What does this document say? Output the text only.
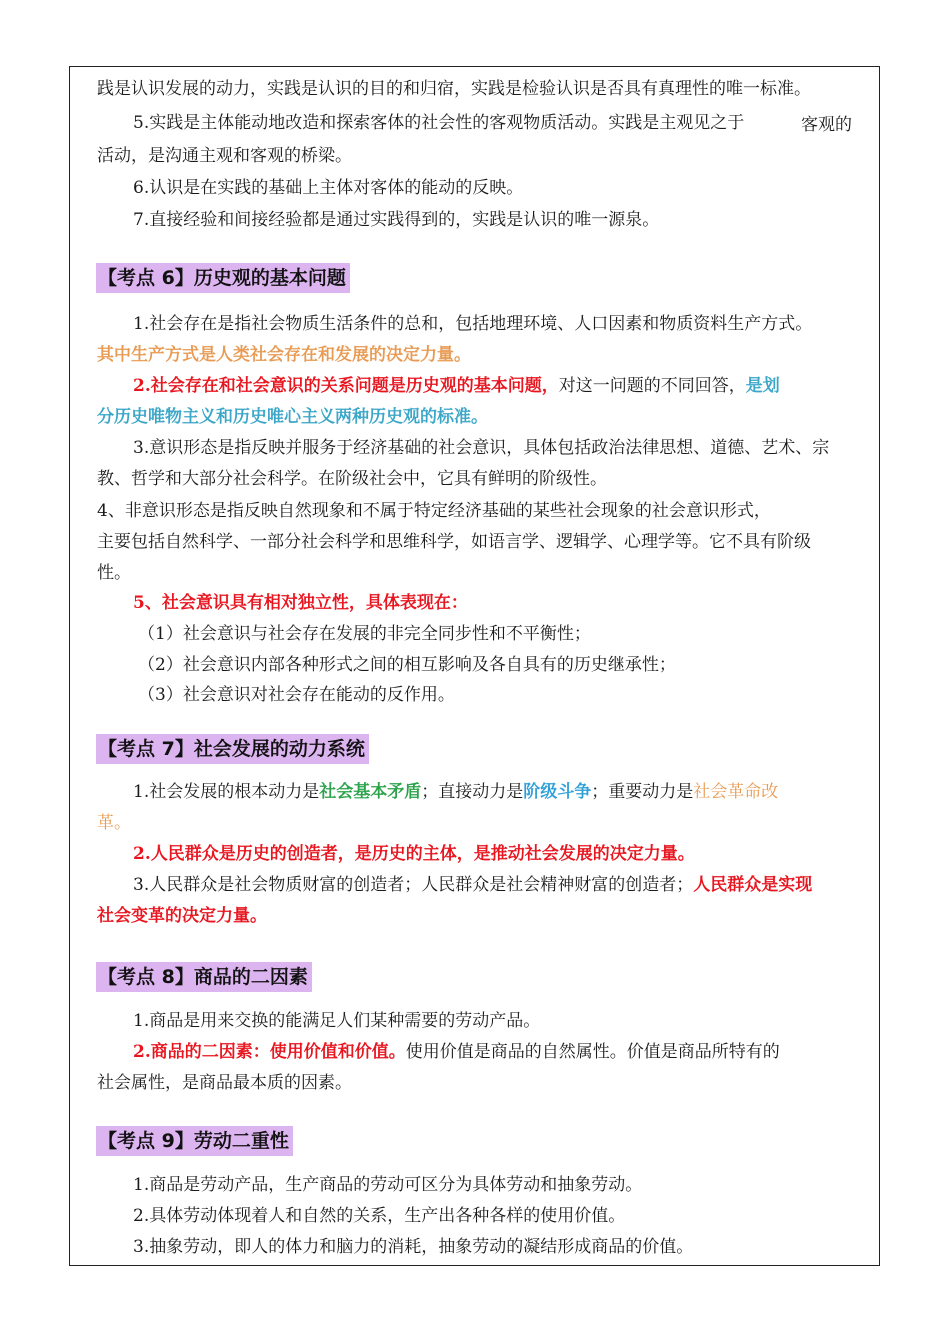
践是认识发展的动力，实践是认识的目的和归宿，实践是检验认识是否具有真理性的唯一标准。
5.实践是主体能动地改造和探索客体的社会性的客观物质活动。实践是主观见之于	客观的
活动，是沟通主观和客观的桥梁。
6.认识是在实践的基础上主体对客体的能动的反映。
7.直接经验和间接经验都是通过实践得到的，实践是认识的唯一源泉。
【考点 6】历史观的基本问题
1.社会存在是指社会物质生活条件的总和，包括地理环境、人口因素和物质资料生产方式。
其中生产方式是人类社会存在和发展的决定力量。
2.社会存在和社会意识的关系问题是历史观的基本问题，对这一问题的不同回答，是划
分历史唯物主义和历史唯心主义两种历史观的标准。
3.意识形态是指反映并服务于经济基础的社会意识，具体包括政治法律思想、道德、艺术、宗
教、哲学和大部分社会科学。在阶级社会中，它具有鲜明的阶级性。
4、非意识形态是指反映自然现象和不属于特定经济基础的某些社会现象的社会意识形式，
主要包括自然科学、一部分社会科学和思维科学，如语言学、逻辑学、心理学等。它不具有阶级
性。
5、社会意识具有相对独立性，具体表现在：
（1）社会意识与社会存在发展的非完全同步性和不平衡性；
（2）社会意识内部各种形式之间的相互影响及各自具有的历史继承性；
（3）社会意识对社会存在能动的反作用。
【考点 7】社会发展的动力系统
1.社会发展的根本动力是社会基本矛盾；直接动力是阶级斗争；重要动力是社会革命改
革。
2.人民群众是历史的创造者，是历史的主体，是推动社会发展的决定力量。
3.人民群众是社会物质财富的创造者；人民群众是社会精神财富的创造者；人民群众是实现
社会变革的决定力量。
【考点 8】商品的二因素
1.商品是用来交换的能满足人们某种需要的劳动产品。
2.商品的二因素：使用价值和价值。使用价值是商品的自然属性。价值是商品所特有的
社会属性，是商品最本质的因素。
【考点 9】劳动二重性
1.商品是劳动产品，生产商品的劳动可区分为具体劳动和抽象劳动。
2.具体劳动体现着人和自然的关系，生产出各种各样的使用价值。
3.抽象劳动，即人的体力和脑力的消耗，抽象劳动的凝结形成商品的价值。
